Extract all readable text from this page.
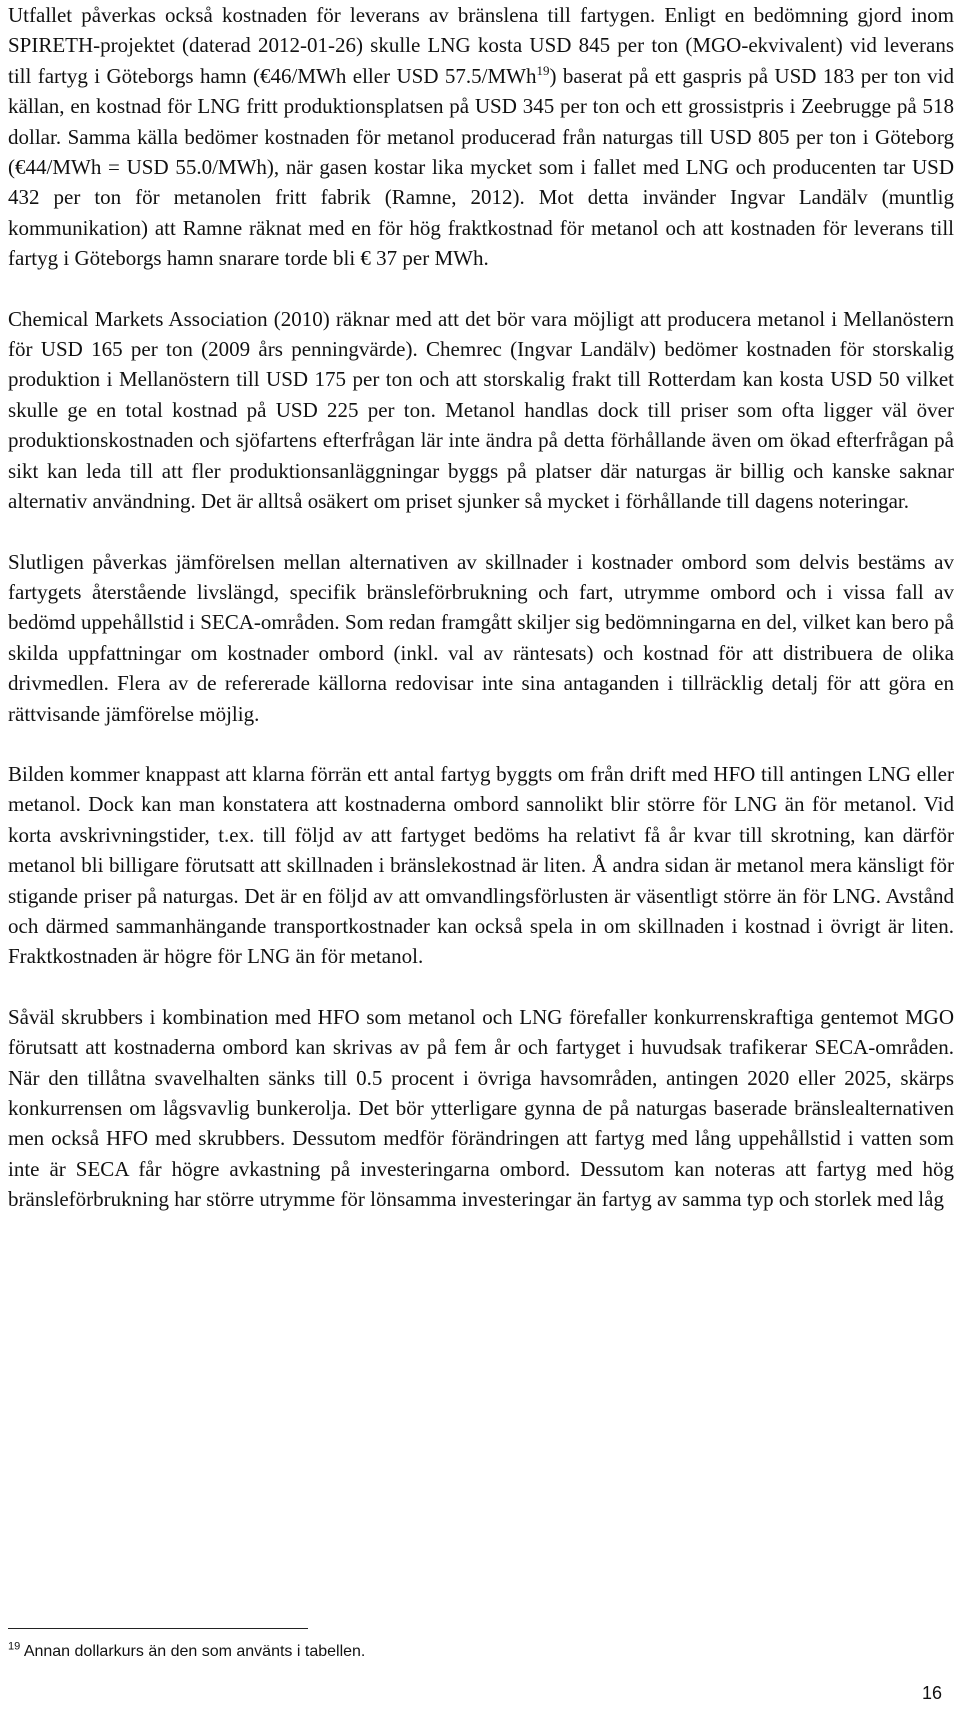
Utfallet påverkas också kostnaden för leverans av bränslena till fartygen. Enligt en bedömning gjord inom SPIRETH-projektet (daterad 2012-01-26) skulle LNG kosta USD 845 per ton (MGO-ekvivalent) vid leverans till fartyg i Göteborgs hamn (€46/MWh eller USD 57.5/MWh$^{19}$) baserat på ett gaspris på USD 183 per ton vid källan, en kostnad för LNG fritt produktionsplatsen på USD 345 per ton och ett grossistpris i Zeebrugge på 518 dollar. Samma källa bedömer kostnaden för metanol producerad från naturgas till USD 805 per ton i Göteborg (€44/MWh = USD 55.0/MWh), när gasen kostar lika mycket som i fallet med LNG och producenten tar USD 432 per ton för metanolen fritt fabrik (Ramne, 2012). Mot detta invänder Ingvar Landälv (muntlig kommunikation) att Ramne räknat med en för hög fraktkostnad för metanol och att kostnaden för leverans till fartyg i Göteborgs hamn snarare torde bli € 37 per MWh.

Chemical Markets Association (2010) räknar med att det bör vara möjligt att producera metanol i Mellanöstern för USD 165 per ton (2009 års penningvärde). Chemrec (Ingvar Landälv) bedömer kostnaden för storskalig produktion i Mellanöstern till USD 175 per ton och att storskalig frakt till Rotterdam kan kosta USD 50 vilket skulle ge en total kostnad på USD 225 per ton. Metanol handlas dock till priser som ofta ligger väl över produktionskostnaden och sjöfartens efterfrågan lär inte ändra på detta förhållande även om ökad efterfrågan på sikt kan leda till att fler produktionsanläggningar byggs på platser där naturgas är billig och kanske saknar alternativ användning. Det är alltså osäkert om priset sjunker så mycket i förhållande till dagens noteringar.

Slutligen påverkas jämförelsen mellan alternativen av skillnader i kostnader ombord som delvis bestäms av fartygets återstående livslängd, specifik bränsleförbrukning och fart, utrymme ombord och i vissa fall av bedömd uppehållstid i SECA-områden. Som redan framgått skiljer sig bedömningarna en del, vilket kan bero på skilda uppfattningar om kostnader ombord (inkl. val av räntesats) och kostnad för att distribuera de olika drivmedlen. Flera av de refererade källorna redovisar inte sina antaganden i tillräcklig detalj för att göra en rättvisande jämförelse möjlig.

Bilden kommer knappast att klarna förrän ett antal fartyg byggts om från drift med HFO till antingen LNG eller metanol. Dock kan man konstatera att kostnaderna ombord sannolikt blir större för LNG än för metanol. Vid korta avskrivningstider, t.ex. till följd av att fartyget bedöms ha relativt få år kvar till skrotning, kan därför metanol bli billigare förutsatt att skillnaden i bränslekostnad är liten. Å andra sidan är metanol mera känsligt för stigande priser på naturgas. Det är en följd av att omvandlingsförlusten är väsentligt större än för LNG. Avstånd och därmed sammanhängande transportkostnader kan också spela in om skillnaden i kostnad i övrigt är liten. Fraktkostnaden är högre för LNG än för metanol.

Såväl skrubbers i kombination med HFO som metanol och LNG förefaller konkurrenskraftiga gentemot MGO förutsatt att kostnaderna ombord kan skrivas av på fem år och fartyget i huvudsak trafikerar SECA-områden. När den tillåtna svavelhalten sänks till 0.5 procent i övriga havsområden, antingen 2020 eller 2025, skärps konkurrensen om lågsvavlig bunkerolja. Det bör ytterligare gynna de på naturgas baserade bränslealternativen men också HFO med skrubbers. Dessutom medför förändringen att fartyg med lång uppehållstid i vatten som inte är SECA får högre avkastning på investeringarna ombord. Dessutom kan noteras att fartyg med hög bränsleförbrukning har större utrymme för lönsamma investeringar än fartyg av samma typ och storlek med låg

$^{19}$ Annan dollarkurs än den som använts i tabellen.
16
